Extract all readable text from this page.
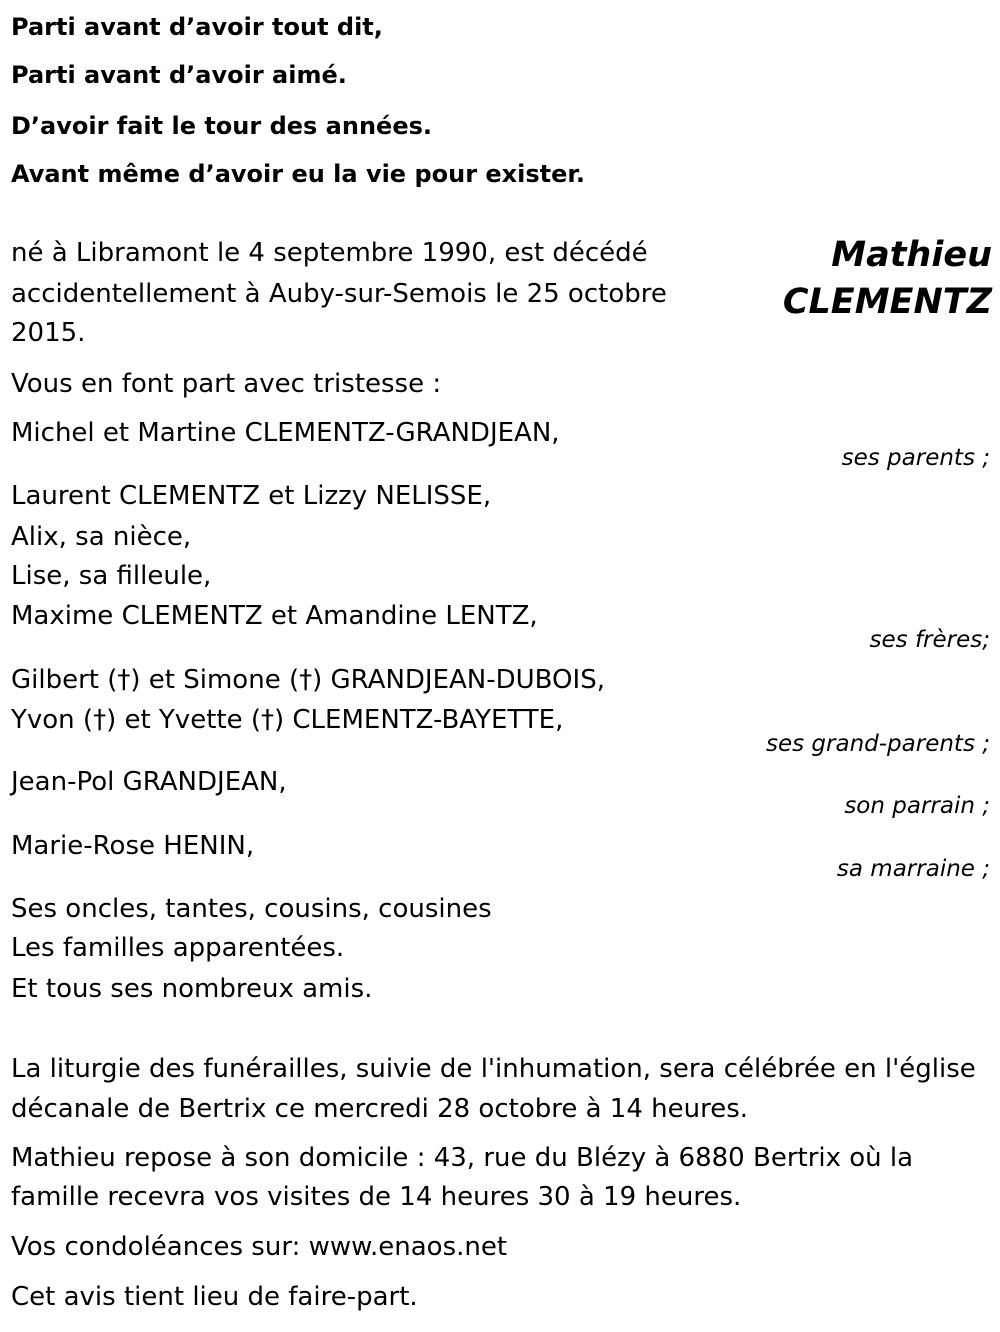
Parti avant d’avoir tout dit,
Parti avant d’avoir aimé.
D’avoir fait le tour des années.
Avant même d’avoir eu la vie pour exister.
Mathieu
CLEMENTZ
né à Libramont le 4 septembre 1990, est décédé
accidentellement à Auby-sur-Semois le 25 octobre
2015.
Vous en font part avec tristesse :
Michel et Martine CLEMENTZ-GRANDJEAN,
ses parents ;
Laurent CLEMENTZ et Lizzy NELISSE,
Alix, sa nièce,
Lise, sa filleule,
Maxime CLEMENTZ et Amandine LENTZ,
ses frères;
Gilbert (†) et Simone (†) GRANDJEAN-DUBOIS,
Yvon (†) et Yvette (†) CLEMENTZ-BAYETTE,
ses grand-parents ;
Jean-Pol GRANDJEAN,
son parrain ;
Marie-Rose HENIN,
sa marraine ;
Ses oncles, tantes, cousins, cousines
Les familles apparentées.
Et tous ses nombreux amis.
La liturgie des funérailles, suivie de l'inhumation, sera célébrée en l'église
décanale de Bertrix ce mercredi 28 octobre à 14 heures.
Mathieu repose à son domicile : 43, rue du Blézy à 6880 Bertrix où la
famille recevra vos visites de 14 heures 30 à 19 heures.
Vos condoléances sur: www.enaos.net
Cet avis tient lieu de faire-part.
